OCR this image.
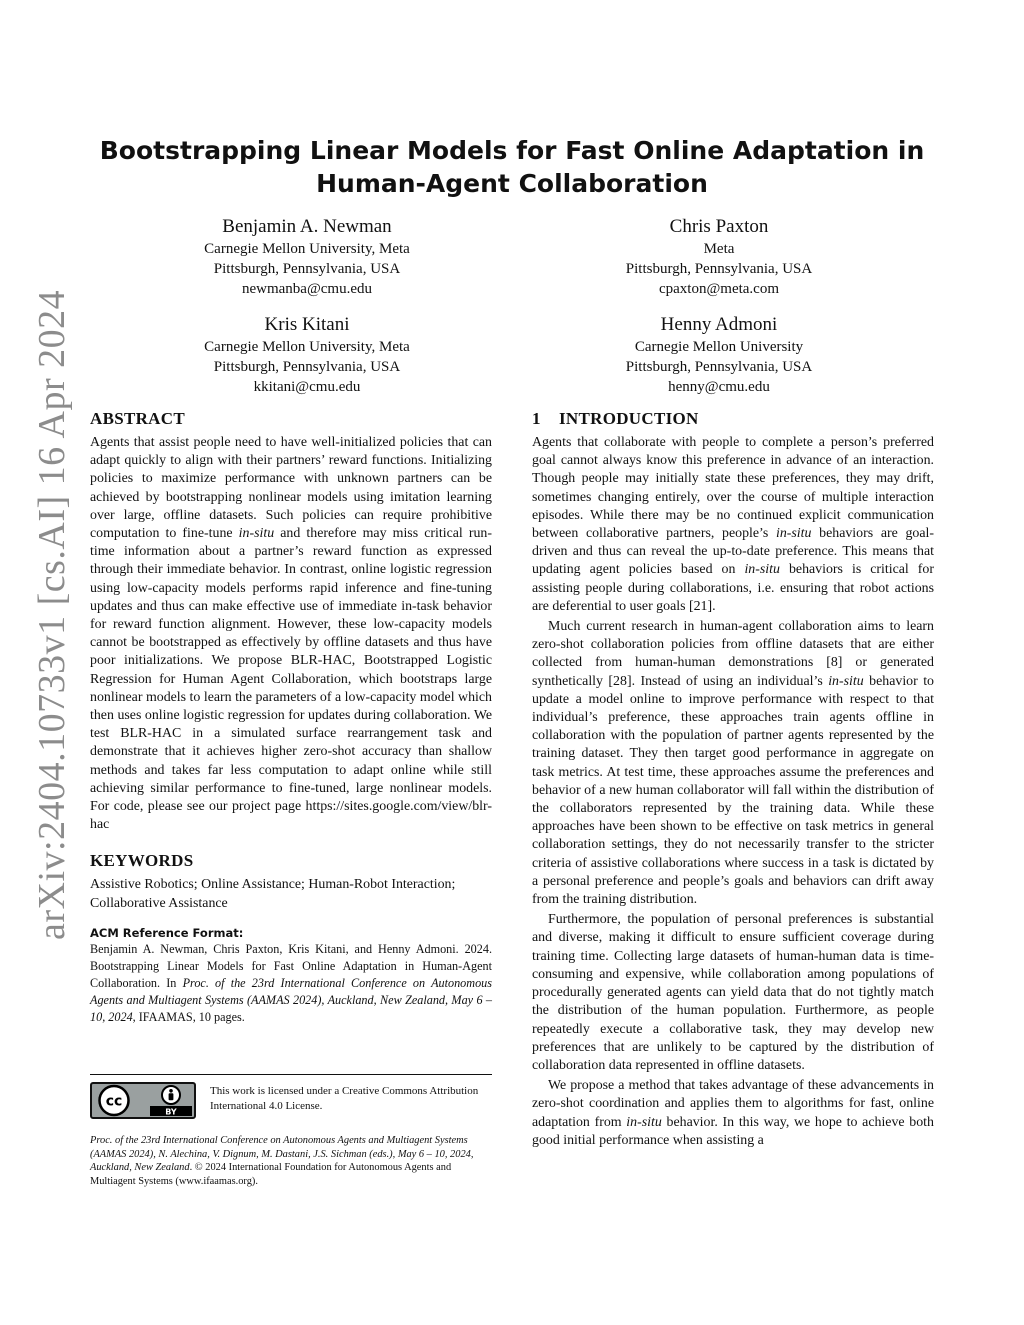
arXiv:2404.10733v1 [cs.AI] 16 Apr 2024
Bootstrapping Linear Models for Fast Online Adaptation in
Human-Agent Collaboration
Benjamin A. Newman
Carnegie Mellon University, Meta
Pittsburgh, Pennsylvania, USA
newmanba@cmu.edu
Chris Paxton
Meta
Pittsburgh, Pennsylvania, USA
cpaxton@meta.com
Kris Kitani
Carnegie Mellon University, Meta
Pittsburgh, Pennsylvania, USA
kkitani@cmu.edu
Henny Admoni
Carnegie Mellon University
Pittsburgh, Pennsylvania, USA
henny@cmu.edu
ABSTRACT

Agents that assist people need to have well-initialized policies that can adapt quickly to align with their partners’ reward functions. Initializing policies to maximize performance with unknown partners can be achieved by bootstrapping nonlinear models using imitation learning over large, offline datasets. Such policies can require prohibitive computation to fine-tune in-situ and therefore may miss critical run-time information about a partner’s reward function as expressed through their immediate behavior. In contrast, online logistic regression using low-capacity models performs rapid inference and fine-tuning updates and thus can make effective use of immediate in-task behavior for reward function alignment. However, these low-capacity models cannot be bootstrapped as effectively by offline datasets and thus have poor initializations. We propose BLR-HAC, Bootstrapped Logistic Regression for Human Agent Collaboration, which bootstraps large nonlinear models to learn the parameters of a low-capacity model which then uses online logistic regression for updates during collaboration. We test BLR-HAC in a simulated surface rearrangement task and demonstrate that it achieves higher zero-shot accuracy than shallow methods and takes far less computation to adapt online while still achieving similar performance to fine-tuned, large nonlinear models. For code, please see our project page https://sites.google.com/view/blr-hac

KEYWORDS

Assistive Robotics; Online Assistance; Human-Robot Interaction; Collaborative Assistance

ACM Reference Format:
Benjamin A. Newman, Chris Paxton, Kris Kitani, and Henny Admoni. 2024. Bootstrapping Linear Models for Fast Online Adaptation in Human-Agent Collaboration. In Proc. of the 23rd International Conference on Autonomous Agents and Multiagent Systems (AAMAS 2024), Auckland, New Zealand, May 6 – 10, 2024, IFAAMAS, 10 pages.
cc
BY
This work is licensed under a Creative Commons Attribution International 4.0 License.
Proc. of the 23rd International Conference on Autonomous Agents and Multiagent Systems
(AAMAS 2024), N. Alechina, V. Dignum, M. Dastani, J.S. Sichman (eds.), May 6 – 10, 2024,
Auckland, New Zealand. © 2024 International Foundation for Autonomous Agents and
Multiagent Systems (www.ifaamas.org).
1 INTRODUCTION

Agents that collaborate with people to complete a person’s preferred goal cannot always know this preference in advance of an interaction. Though people may initially state these preferences, they may drift, sometimes changing entirely, over the course of multiple interaction episodes. While there may be no continued explicit communication between collaborative partners, people’s in-situ behaviors are goal-driven and thus can reveal the up-to-date preference. This means that updating agent policies based on in-situ behaviors is critical for assisting people during collaborations, i.e. ensuring that robot actions are deferential to user goals [21].

Much current research in human-agent collaboration aims to learn zero-shot collaboration policies from offline datasets that are either collected from human-human demonstrations [8] or generated synthetically [28]. Instead of using an individual’s in-situ behavior to update a model online to improve performance with respect to that individual’s preference, these approaches train agents offline in collaboration with the population of partner agents represented by the training dataset. They then target good performance in aggregate on task metrics. At test time, these approaches assume the preferences and behavior of a new human collaborator will fall within the distribution of the collaborators represented by the training data. While these approaches have been shown to be effective on task metrics in general collaboration settings, they do not necessarily transfer to the stricter criteria of assistive collaborations where success in a task is dictated by a personal preference and people’s goals and behaviors can drift away from the training distribution.

Furthermore, the population of personal preferences is substantial and diverse, making it difficult to ensure sufficient coverage during training time. Collecting large datasets of human-human data is time-consuming and expensive, while collaboration among populations of procedurally generated agents can yield data that do not tightly match the distribution of the human population. Furthermore, as people repeatedly execute a collaborative task, they may develop new preferences that are unlikely to be captured by the distribution of collaboration data represented in offline datasets.

We propose a method that takes advantage of these advancements in zero-shot coordination and applies them to algorithms for fast, online adaptation from in-situ behavior. In this way, we hope to achieve both good initial performance when assisting a
